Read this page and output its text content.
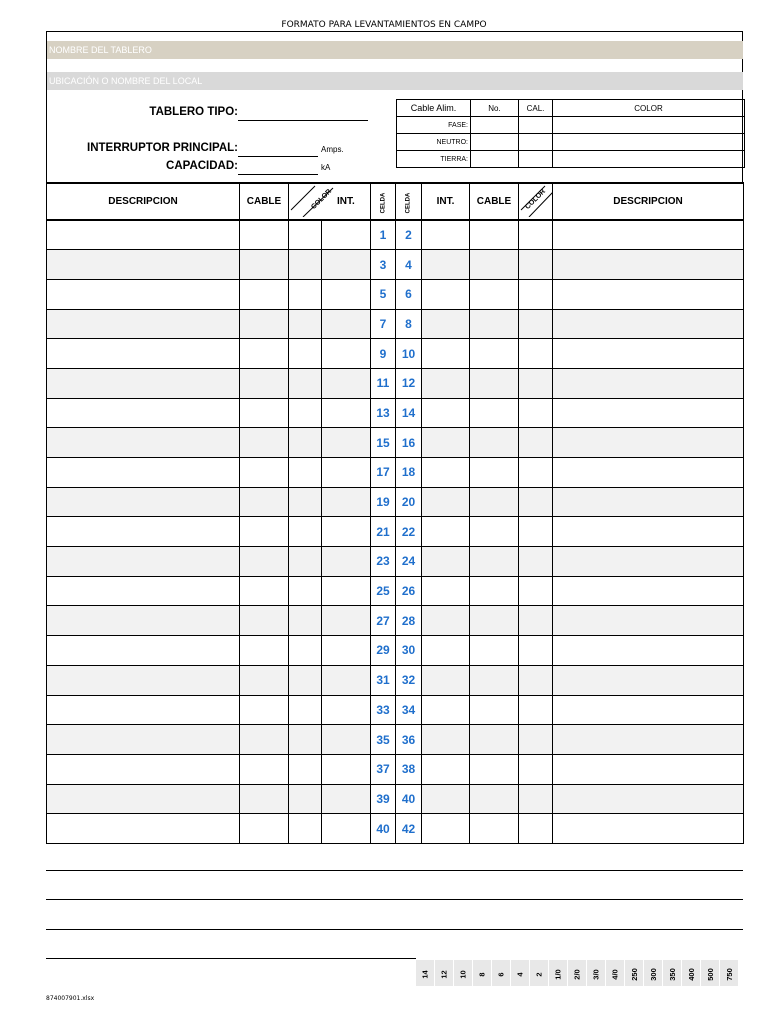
FORMATO PARA LEVANTAMIENTOS EN CAMPO
NOMBRE DEL TABLERO
UBICACIÓN O NOMBRE DEL LOCAL
TABLERO TIPO:
INTERRUPTOR PRINCIPAL:	Amps.
CAPACIDAD:	kA
Cable Alim.	No.	CAL.	COLOR
FASE:			
NEUTRO:			
TIERRA:			
DESCRIPCION	CABLE	COLOR INT.		CELDA	CELDA	INT.	CABLE	COLOR	DESCRIPCION
				1	2				
				3	4				
				5	6				
				7	8				
				9	10				
				11	12				
				13	14				
				15	16				
				17	18				
				19	20				
				21	22				
				23	24				
				25	26				
				27	28				
				29	30				
				31	32				
				33	34				
				35	36				
				37	38				
				39	40				
				40	42				
14	12	10	8	6	4	2	1/0	2/0	3/0	4/0	250	300	350	400	500	750
874007901.xlsx
